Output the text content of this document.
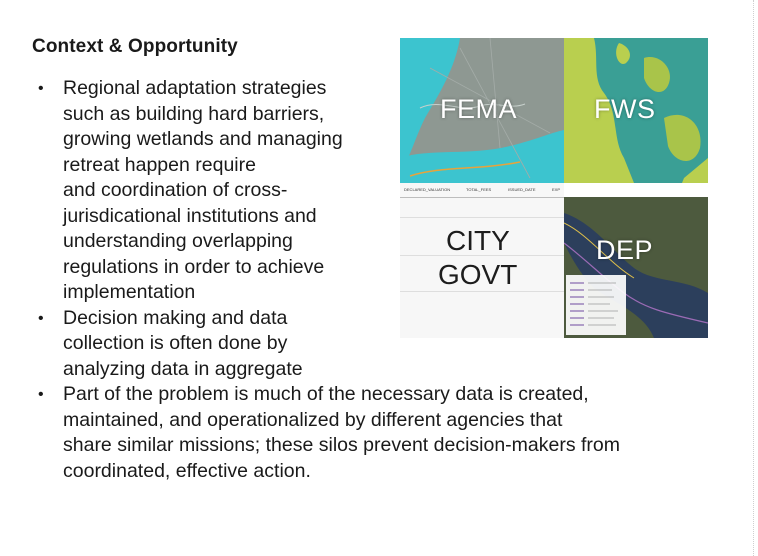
Context & Opportunity
• Regional adaptation strategies
such as building hard barriers,
growing wetlands and managing
retreat happen require
and coordination of cross-
jurisdicational institutions and
understanding overlapping
regulations in order to achieve
implementation
• Decision making and data
collection is often done by
analyzing data in aggregate
• Part of the problem is much of the necessary data is created,
maintained, and operationalized by different agencies that
share similar missions; these silos prevent decision-makers from
coordinated, effective action.
FEMA	FWS
DECLARED_VALUATION	TOTAL_FEES	ISSUED_DATE	EXP
CITY
GOVT
DEP
